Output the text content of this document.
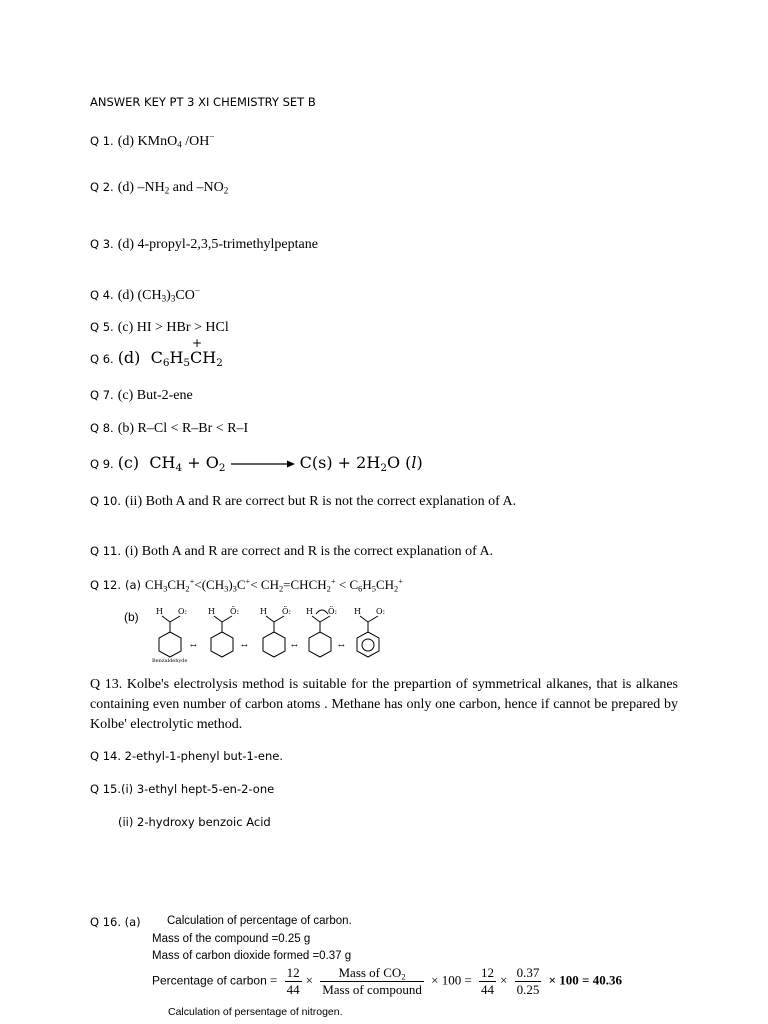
ANSWER KEY PT 3 XI CHEMISTRY SET B
Q 1. (d) KMnO$_4$ /OH−
Q 2. (d) $-NH_2$ and $-NO_2$
Q 3. (d) 4-propyl-2,3,5-trimethylpeptane
Q 4. (d) $(CH_3)_3CO^-$
Q 5. (c) HI > HBr > HCl
Q 6. (d) $C_6H_5C$
+
$H_2$
Q 7. (c) But-2-ene
Q 8. (b) R–Cl < R–Br < R–I
Q 9. (c) $CH_4 + O_2 \to C(s) + 2H_2O$ (l)
Q 10. (ii) Both A and R are correct but R is not the correct explanation of A.
Q 11. (i) Both A and R are correct and R is the correct explanation of A.
Q 12. (a) $CH_3CH_2^+<(CH_3)_3C^+<$ $CH_2=CHCH_2^+ < C_6H_5CH_2^+$
(b) H O:	H Ö:	H Ö: H Ö: H O:
↔	↔	↔	↔
Benzaldehyde
Q 13. Kolbe's electrolysis method is suitable for the prepartion of symmetrical alkanes, that is alkanes containing even number of carbon atoms . Methane has only one carbon, hence if cannot be prepared by Kolbe' electrolytic method.
Q 14. 2-ethyl-1-phenyl but-1-ene.
Q 15.(i) 3-ethyl hept-5-en-2-one
(ii) 2-hydroxy benzoic Acid
Q 16. (a) Calculation of percentage of carbon.
Mass of the compound =0.25 g
Mass of carbon dioxide formed =0.37 g
Percentage of carbon = $\frac{12}{44} \times \frac{Mass of CO_2}{\text{Mass of compound}} \times 100 = \frac{12}{44} \times \frac{0.37}{0.25} \times 100 = 40.36$
Calculation of persentage of nitrogen.
